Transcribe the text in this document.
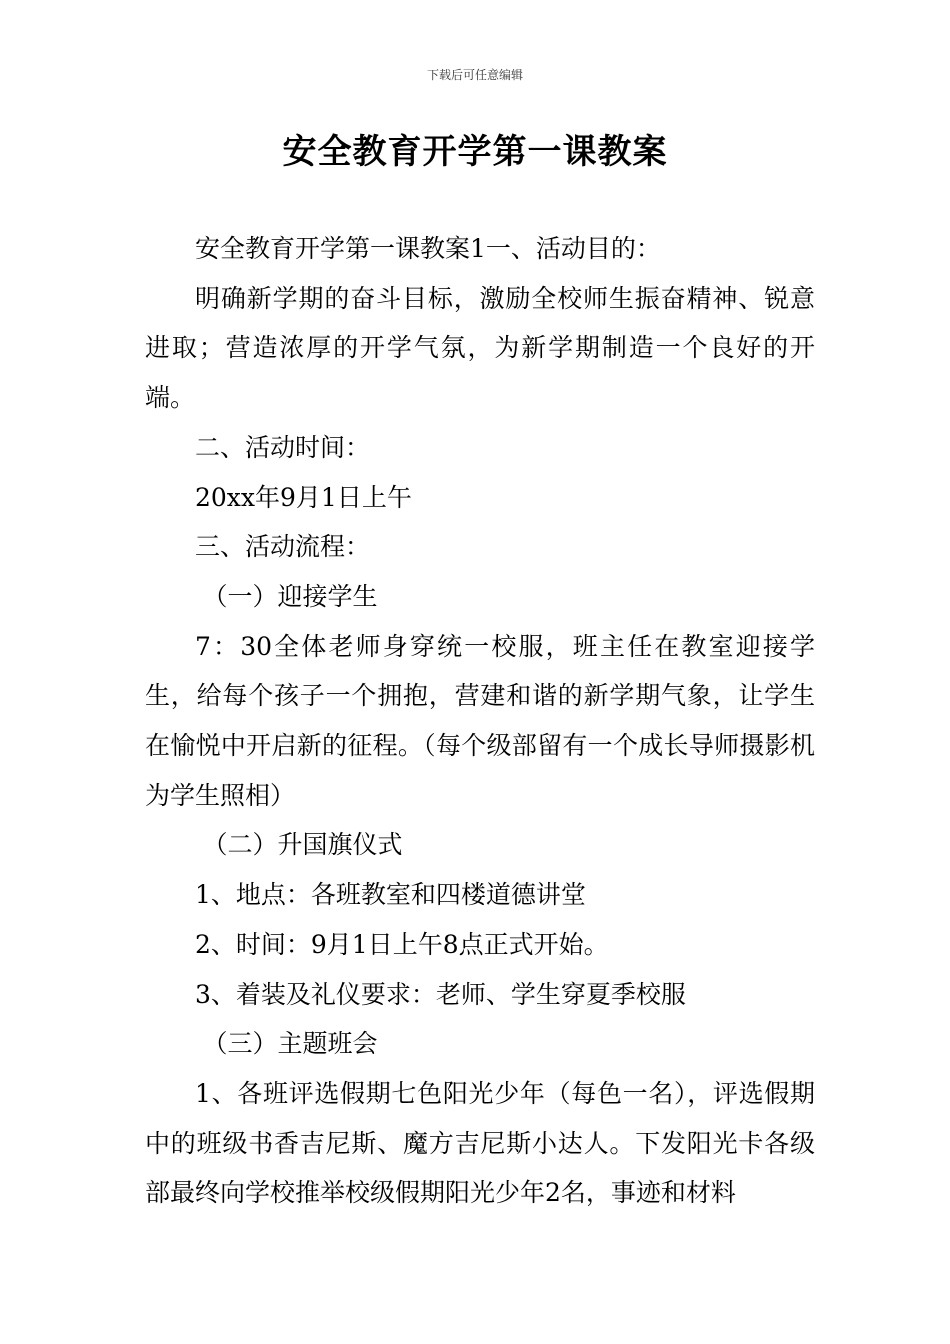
下载后可任意编辑
安全教育开学第一课教案

安全教育开学第一课教案1一、活动目的：

明确新学期的奋斗目标，激励全校师生振奋精神、锐意进取；营造浓厚的开学气氛，为新学期制造一个良好的开端。

二、活动时间：

20xx年9月1日上午

三、活动流程：

（一）迎接学生

7：30全体老师身穿统一校服，班主任在教室迎接学生，给每个孩子一个拥抱，营建和谐的新学期气象，让学生在愉悦中开启新的征程。（每个级部留有一个成长导师摄影机为学生照相）

（二）升国旗仪式

1、地点：各班教室和四楼道德讲堂

2、时间：9月1日上午8点正式开始。

3、着装及礼仪要求：老师、学生穿夏季校服

（三）主题班会

1、各班评选假期七色阳光少年（每色一名），评选假期中的班级书香吉尼斯、魔方吉尼斯小达人。下发阳光卡各级部最终向学校推举校级假期阳光少年2名，事迹和材料
